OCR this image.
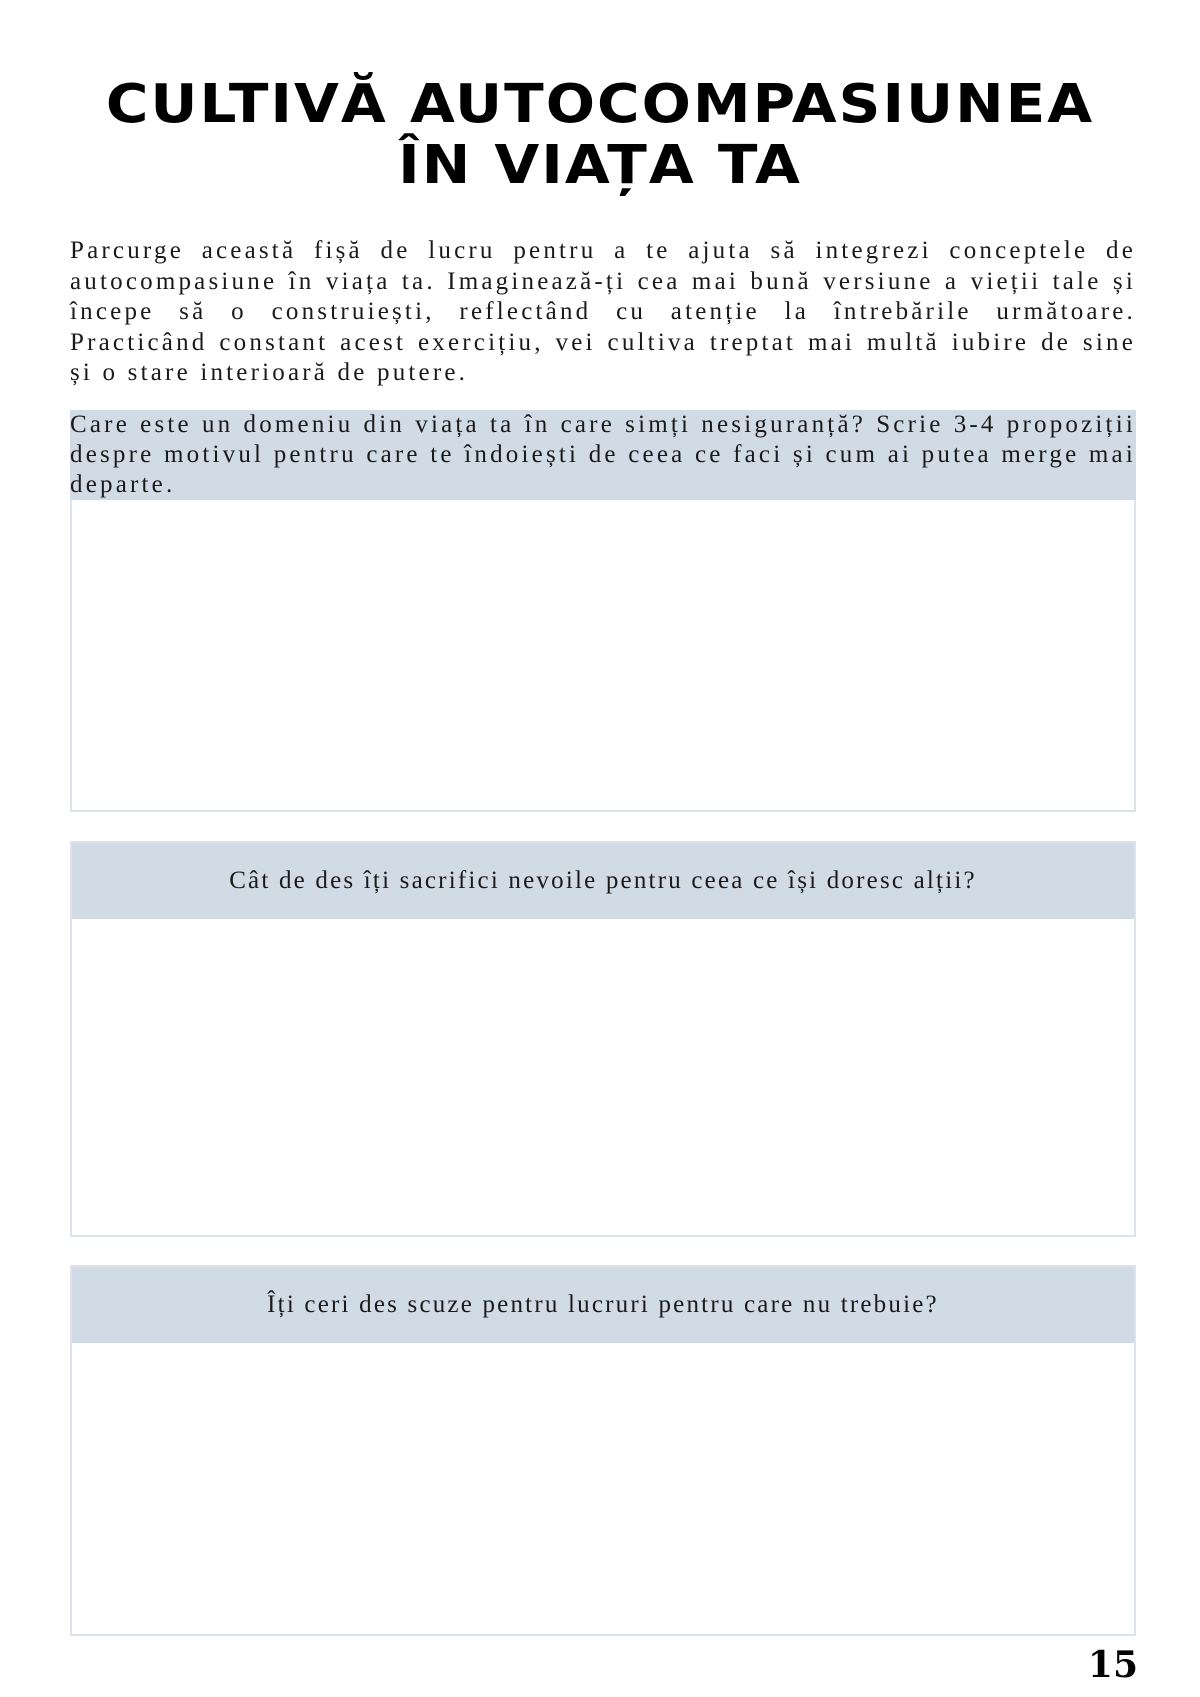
CULTIVĂ AUTOCOMPASIUNEA ÎN VIAȚA TA

Parcurge această fișă de lucru pentru a te ajuta să integrezi conceptele de autocompasiune în viața ta. Imaginează-ți cea mai bună versiune a vieții tale și începe să o construiești, reflectând cu atenție la întrebările următoare. Practicând constant acest exercițiu, vei cultiva treptat mai multă iubire de sine și o stare interioară de putere.

Care este un domeniu din viața ta în care simți nesiguranță? Scrie 3-4 propoziții despre motivul pentru care te îndoiești de ceea ce faci și cum ai putea merge mai departe.
Cât de des îți sacrifici nevoile pentru ceea ce își doresc alții?
Îți ceri des scuze pentru lucruri pentru care nu trebuie?

15
